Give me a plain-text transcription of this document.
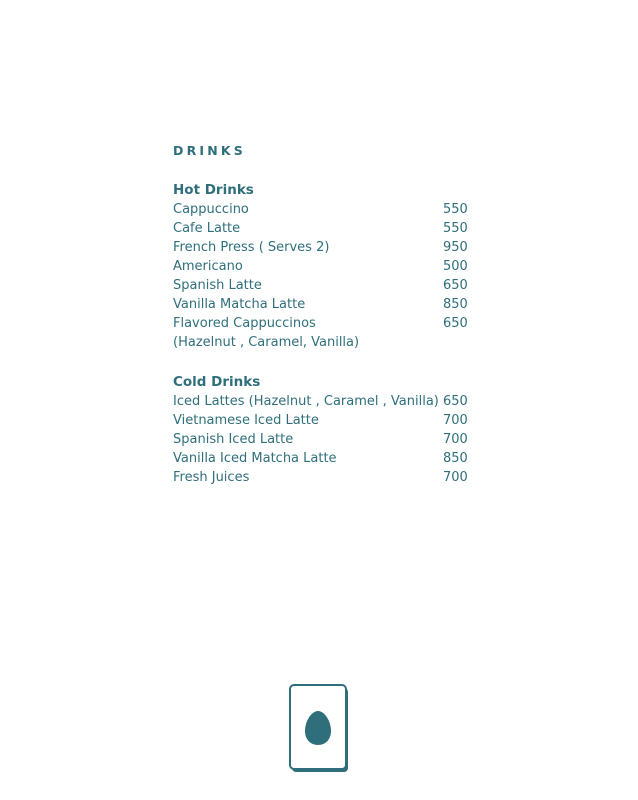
DRINKS
Hot Drinks
Cappuccino	550
Cafe Latte	550
French Press ( Serves 2)	950
Americano	500
Spanish Latte	650
Vanilla Matcha Latte	850
Flavored Cappuccinos	650
(Hazelnut , Caramel, Vanilla)
Cold Drinks
Iced Lattes (Hazelnut , Caramel , Vanilla) 650
Vietnamese Iced Latte	700
Spanish Iced Latte	700
Vanilla Iced Matcha Latte	850
Fresh Juices	700
